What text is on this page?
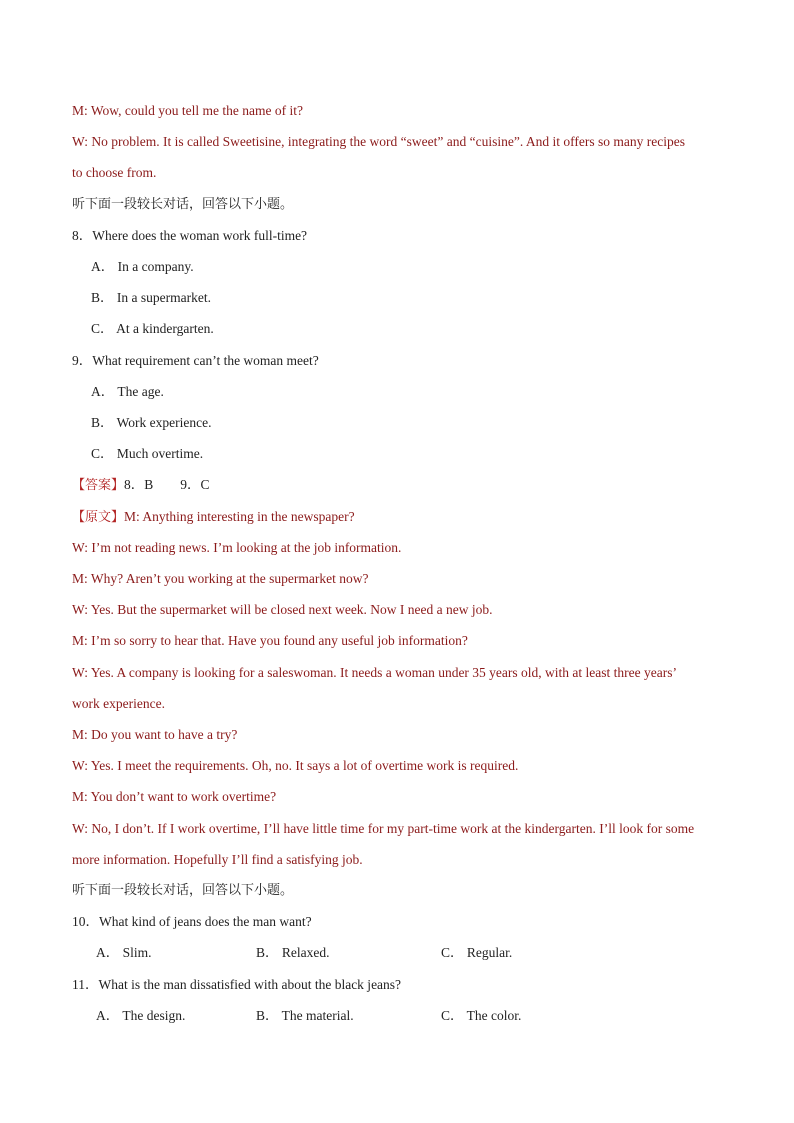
M: Wow, could you tell me the name of it?
W: No problem. It is called Sweetisine, integrating the word “sweet” and “cuisine”. And it offers so many recipes
to choose from.
听下面一段较长对话，回答以下小题。
8．Where does the woman work full-time?
A． In a company.
B． In a supermarket.
C． At a kindergarten.
9．What requirement can’t the woman meet?
A． The age.
B． Work experience.
C． Much overtime.
【答案】8．B        9．C
【原文】M: Anything interesting in the newspaper?
W: I’m not reading news. I’m looking at the job information.
M: Why? Aren’t you working at the supermarket now?
W: Yes. But the supermarket will be closed next week. Now I need a new job.
M: I’m so sorry to hear that. Have you found any useful job information?
W: Yes. A company is looking for a saleswoman. It needs a woman under 35 years old, with at least three years’
work experience.
M: Do you want to have a try?
W: Yes. I meet the requirements. Oh, no. It says a lot of overtime work is required.
M: You don’t want to work overtime?
W: No, I don’t. If I work overtime, I’ll have little time for my part-time work at the kindergarten. I’ll look for some
more information. Hopefully I’ll find a satisfying job.
听下面一段较长对话，回答以下小题。
10．What kind of jeans does the man want?
A． Slim.	B． Relaxed.	C． Regular.
11．What is the man dissatisfied with about the black jeans?
A． The design.	B． The material.	C． The color.
